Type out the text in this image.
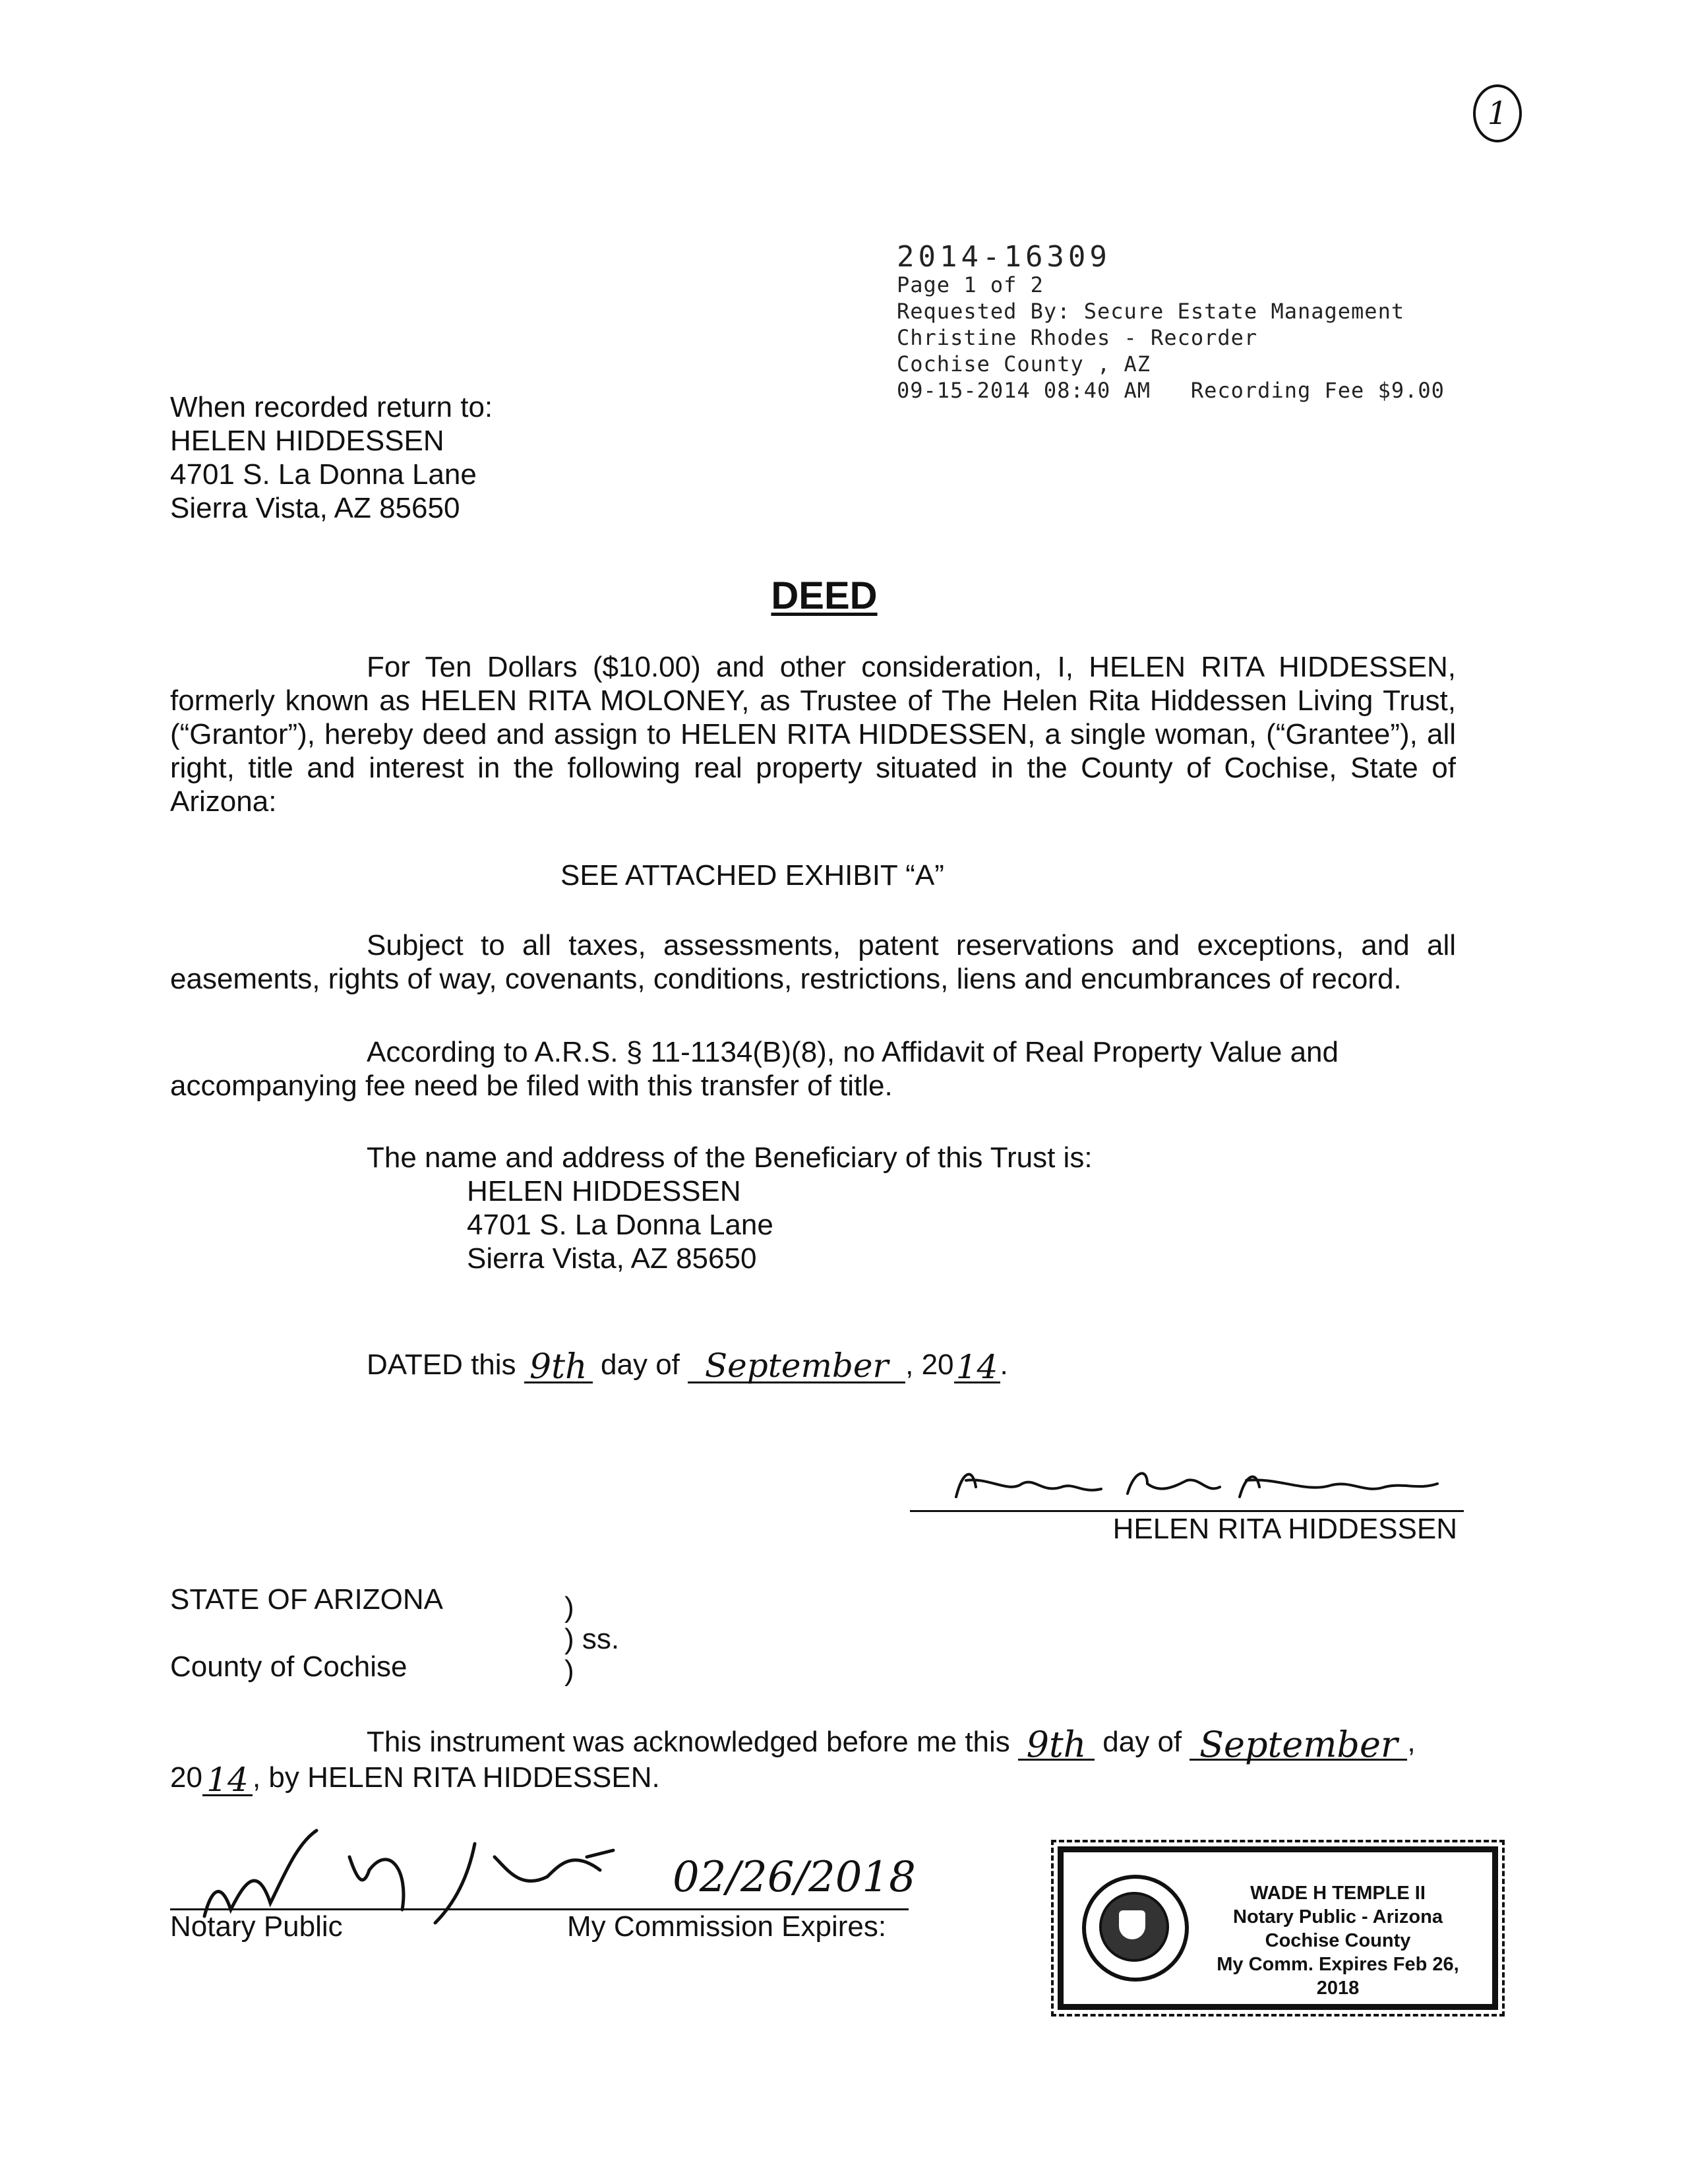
1
2014-16309
Page 1 of 2
Requested By: Secure Estate Management
Christine Rhodes - Recorder
Cochise County , AZ
09-15-2014 08:40 AM Recording Fee $9.00
When recorded return to:
HELEN HIDDESSEN
4701 S. La Donna Lane
Sierra Vista, AZ 85650
DEED
For Ten Dollars ($10.00) and other consideration, I, HELEN RITA HIDDESSEN, formerly known as HELEN RITA MOLONEY, as Trustee of The Helen Rita Hiddessen Living Trust, (“Grantor”), hereby deed and assign to HELEN RITA HIDDESSEN, a single woman, (“Grantee”), all right, title and interest in the following real property situated in the County of Cochise, State of Arizona:
SEE ATTACHED EXHIBIT “A”
Subject to all taxes, assessments, patent reservations and exceptions, and all easements, rights of way, covenants, conditions, restrictions, liens and encumbrances of record.
According to A.R.S. § 11-1134(B)(8), no Affidavit of Real Property Value and accompanying fee need be filed with this transfer of title.
The name and address of the Beneficiary of this Trust is:
HELEN HIDDESSEN
4701 S. La Donna Lane
Sierra Vista, AZ 85650
DATED this 9th day of September , 20 14 .
HELEN RITA HIDDESSEN
STATE OF ARIZONA
County of Cochise
)
) ss.
)
This instrument was acknowledged before me this 9th day of September ,
20 14 , by HELEN RITA HIDDESSEN.
02/26/2018
Notary Public	My Commission Expires:
WADE H TEMPLE II
Notary Public - Arizona
Cochise County
My Comm. Expires Feb 26, 2018
